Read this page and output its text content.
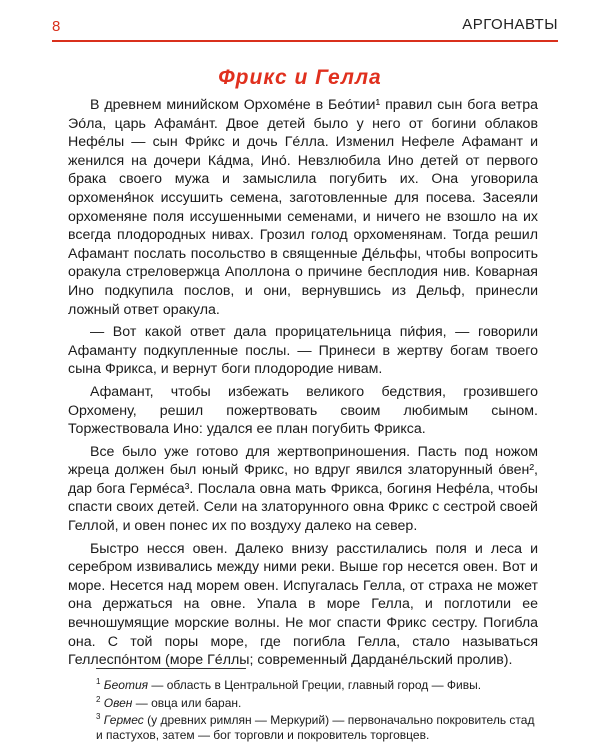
8	АРГОНАВТЫ
Фрикс и Гелла

В древнем минийском Орхомéне в Беóтии¹ правил сын бога ветра Эóла, царь Афамáнт. Двое детей было у него от богини облаков Нефéлы — сын Фри́кс и дочь Гéлла. Изменил Нефеле Афамант и женился на дочери Кáдма, Инó. Невзлюбила Ино детей от первого брака своего мужа и замыслила погубить их. Она уговорила орхоменя́нок иссушить семена, заготовленные для посева. Засеяли орхоменяне поля иссушенными семенами, и ничего не взошло на их всегда плодородных нивах. Грозил голод орхоменянам. Тогда решил Афамант послать посольство в священные Дéльфы, чтобы вопросить оракула стреловержца Аполлона о причине бесплодия нив. Коварная Ино подкупила послов, и они, вернувшись из Дельф, принесли ложный ответ оракула.

— Вот какой ответ дала прорицательница пи́фия, — говорили Афаманту подкупленные послы. — Принеси в жертву богам твоего сына Фрикса, и вернут боги плодородие нивам.

Афамант, чтобы избежать великого бедствия, грозившего Орхомену, решил пожертвовать своим любимым сыном. Торжествовала Ино: удался ее план погубить Фрикса.

Все было уже готово для жертвоприношения. Пасть под ножом жреца должен был юный Фрикс, но вдруг явился златорунный óвен², дар бога Гермéса³. Послала овна мать Фрикса, богиня Нефéла, чтобы спасти своих детей. Сели на златорунного овна Фрикс с сестрой своей Геллой, и овен понес их по воздуху далеко на север.

Быстро несся овен. Далеко внизу расстилались поля и леса и серебром извивались между ними реки. Выше гор несется овен. Вот и море. Несется над морем овен. Испугалась Гелла, от страха не может она держаться на овне. Упала в море Гелла, и поглотили ее вечношумящие морские волны. Не мог спасти Фрикс сестру. Погибла она. С той поры море, где погибла Гелла, стало называться Геллеспóнтом (море Гéллы; современный Дарданéльский пролив).

$^1$ Беотия — область в Центральной Греции, главный город — Фивы.
$^2$ Овен — овца или баран.
$^3$ Гермес (у древних римлян — Меркурий) — первоначально покровитель стад и пастухов, затем — бог торговли и покровитель торговцев.
